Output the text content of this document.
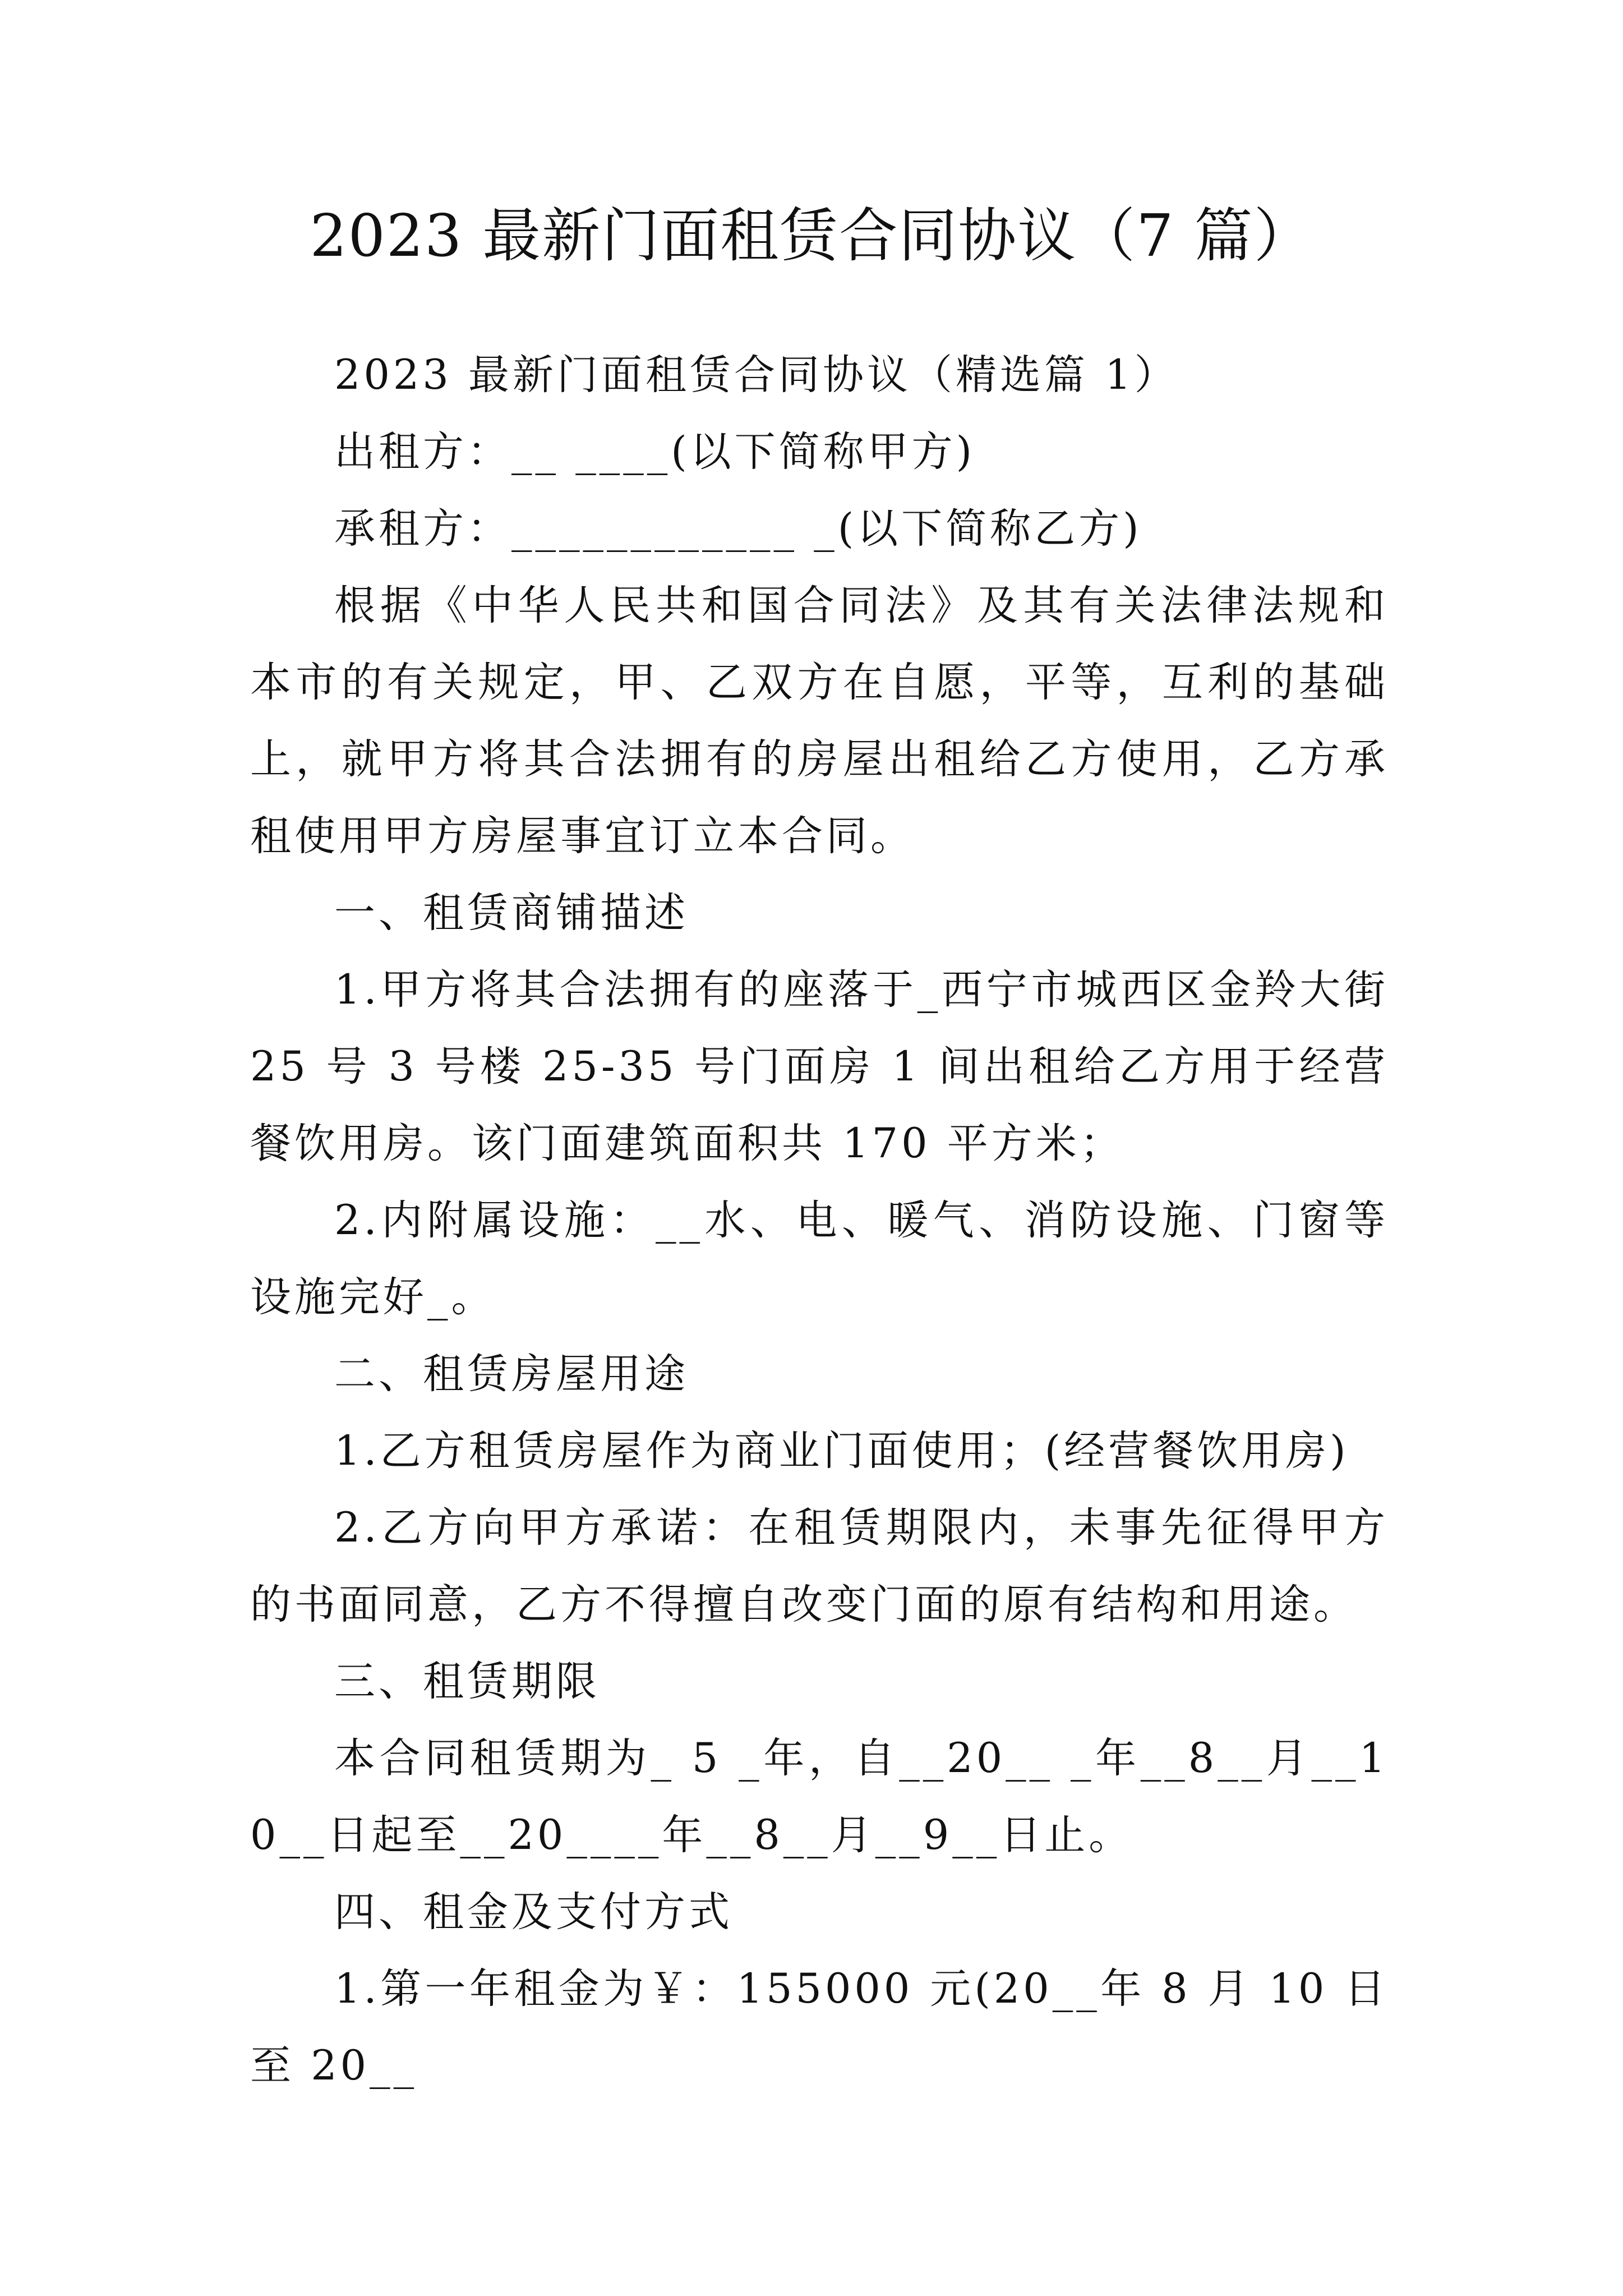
2023 最新门面租赁合同协议（7 篇）

2023 最新门面租赁合同协议（精选篇 1）

出租方：__ ____(以下简称甲方)

承租方：____________ _(以下简称乙方)

根据《中华人民共和国合同法》及其有关法律法规和本市的有关规定，甲、乙双方在自愿，平等，互利的基础上，就甲方将其合法拥有的房屋出租给乙方使用，乙方承租使用甲方房屋事宜订立本合同。

一、租赁商铺描述

1.甲方将其合法拥有的座落于_西宁市城西区金羚大街 25 号 3 号楼 25-35 号门面房 1 间出租给乙方用于经营餐饮用房。该门面建筑面积共 170 平方米；

2.内附属设施：__水、电、暖气、消防设施、门窗等设施完好_。

二、租赁房屋用途

1.乙方租赁房屋作为商业门面使用；(经营餐饮用房)

2.乙方向甲方承诺：在租赁期限内，未事先征得甲方的书面同意，乙方不得擅自改变门面的原有结构和用途。

三、租赁期限

本合同租赁期为_ 5 _年，自__20__ _年__8__月__10__日起至__20____年__8__月__9__日止。

四、租金及支付方式

1.第一年租金为￥：155000 元(20__年 8 月 10 日至 20__
